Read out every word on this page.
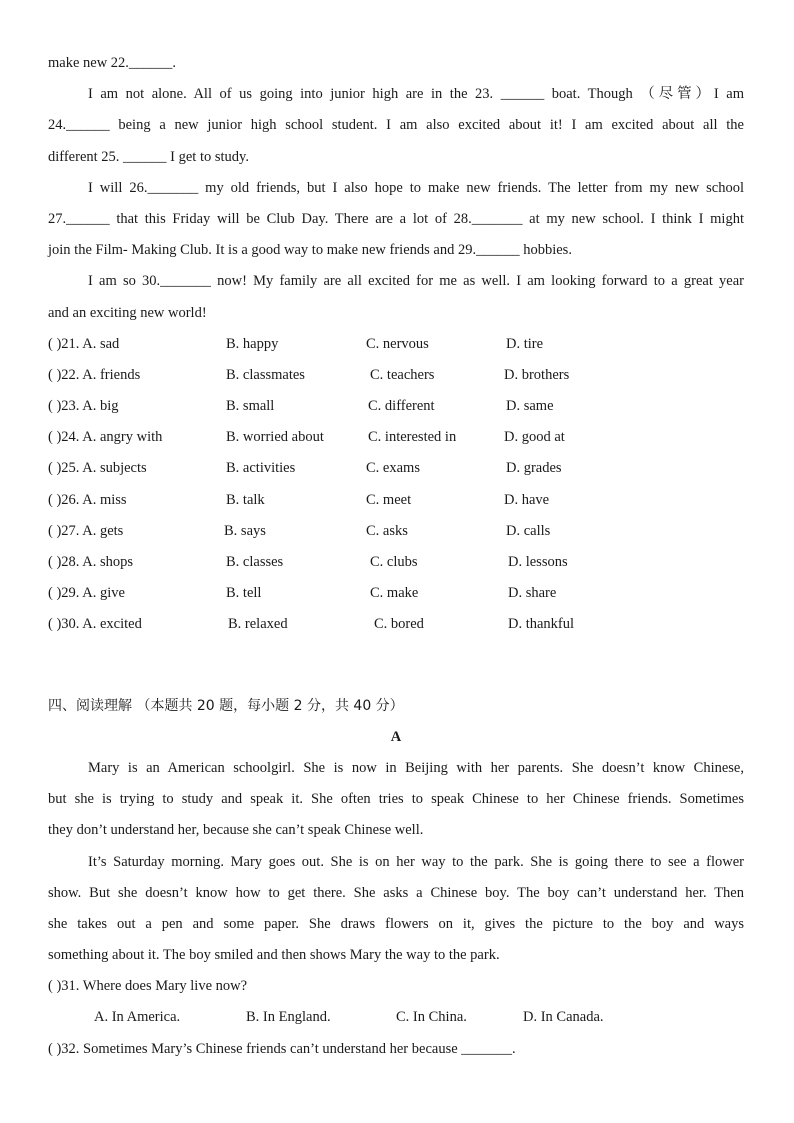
make new 22.______.
I am not alone. All of us going into junior high are in the 23. ______ boat. Though （尽管）I am
24.______ being a new junior high school student. I am also excited about it! I am excited about all the
different 25. ______ I get to study.
I will 26._______ my old friends, but I also hope to make new friends. The letter from my new school
27.______ that this Friday will be Club Day. There are a lot of 28._______ at my new school. I think I might
join the Film- Making Club. It is a good way to make new friends and 29.______ hobbies.
I am so 30._______ now! My family are all excited for me as well. I am looking forward to a great year
and an exciting new world!
( )21. A. sad	B. happy	C. nervous	D. tire
( )22. A. friends	B. classmates	C. teachers	D. brothers
( )23. A. big	B. small	C. different	D. same
( )24. A. angry with	B. worried about	C. interested in	D. good at
( )25. A. subjects	B. activities	C. exams	D. grades
( )26. A. miss	B. talk	C. meet	D. have
( )27. A. gets	B. says	C. asks	D. calls
( )28. A. shops	B. classes	C. clubs	D. lessons
( )29. A. give	B. tell	C. make	D. share
( )30. A. excited	B. relaxed	C. bored	D. thankful
四、阅读理解 （本题共 20 题，每小题 2 分，共 40 分）
A
Mary is an American schoolgirl. She is now in Beijing with her parents. She doesn’t know Chinese,
but she is trying to study and speak it. She often tries to speak Chinese to her Chinese friends. Sometimes
they don’t understand her, because she can’t speak Chinese well.
It’s Saturday morning. Mary goes out. She is on her way to the park. She is going there to see a flower
show. But she doesn’t know how to get there. She asks a Chinese boy. The boy can’t understand her. Then
she takes out a pen and some paper. She draws flowers on it, gives the picture to the boy and ways
something about it. The boy smiled and then shows Mary the way to the park.
( )31. Where does Mary live now?
A. In America.	B. In England.	C. In China.	D. In Canada.
( )32. Sometimes Mary’s Chinese friends can’t understand her because _______.
